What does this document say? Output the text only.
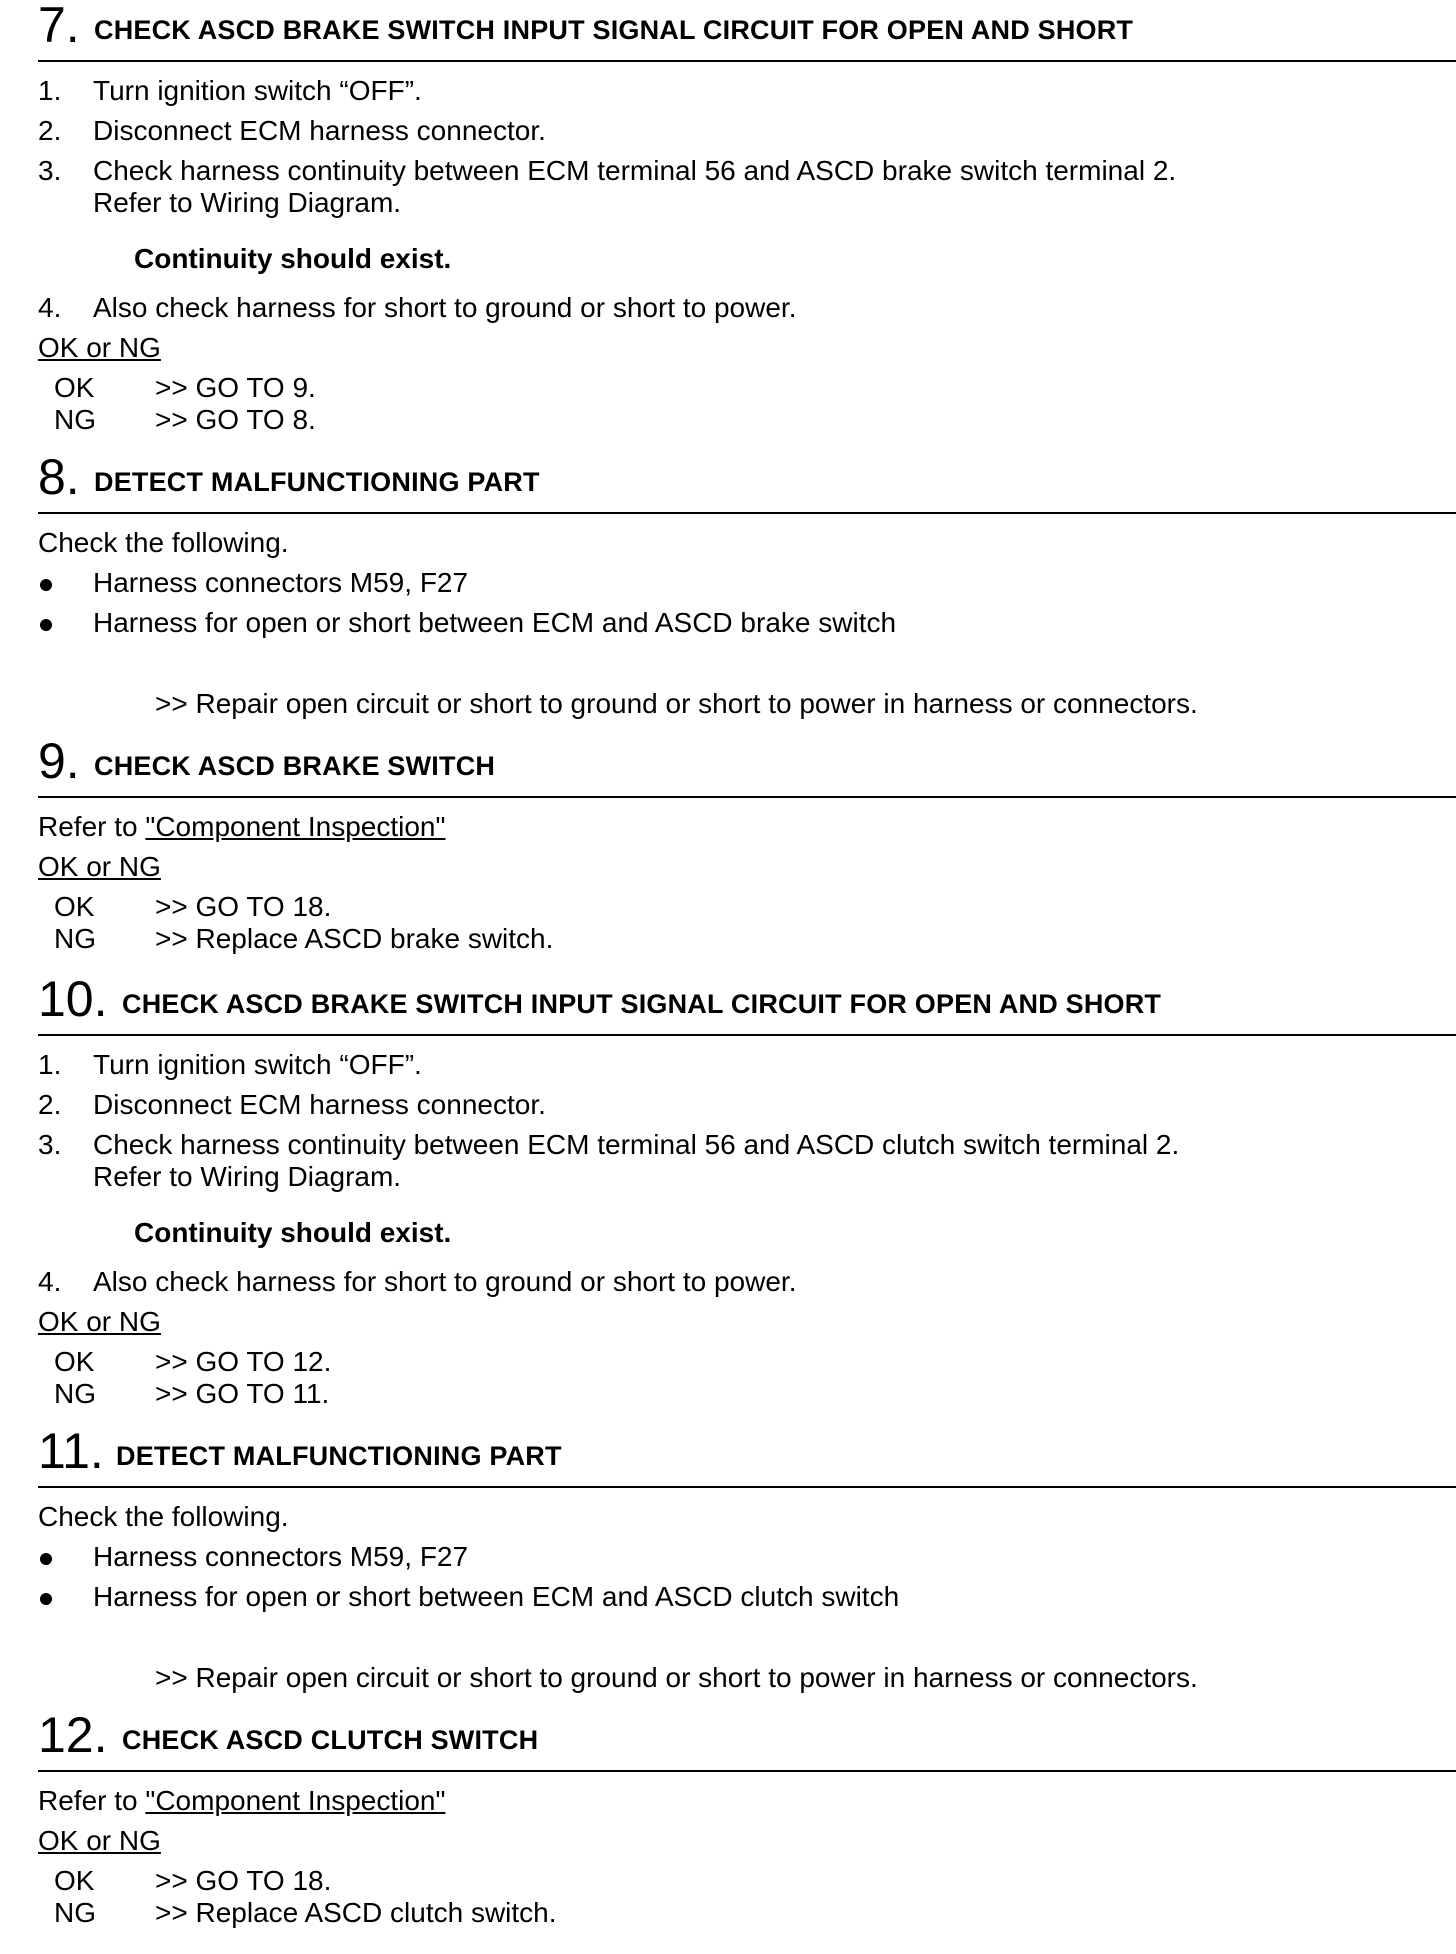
7. CHECK ASCD BRAKE SWITCH INPUT SIGNAL CIRCUIT FOR OPEN AND SHORT
1. Turn ignition switch “OFF”.
2. Disconnect ECM harness connector.
3. Check harness continuity between ECM terminal 56 and ASCD brake switch terminal 2.
Refer to Wiring Diagram.
Continuity should exist.
4. Also check harness for short to ground or short to power.
OK or NG
OK >> GO TO 9.
NG >> GO TO 8.
8. DETECT MALFUNCTIONING PART
Check the following.
Harness connectors M59, F27
Harness for open or short between ECM and ASCD brake switch
>> Repair open circuit or short to ground or short to power in harness or connectors.
9. CHECK ASCD BRAKE SWITCH
Refer to "Component Inspection"
OK or NG
OK >> GO TO 18.
NG >> Replace ASCD brake switch.
10. CHECK ASCD BRAKE SWITCH INPUT SIGNAL CIRCUIT FOR OPEN AND SHORT
1. Turn ignition switch “OFF”.
2. Disconnect ECM harness connector.
3. Check harness continuity between ECM terminal 56 and ASCD clutch switch terminal 2.
Refer to Wiring Diagram.
Continuity should exist.
4. Also check harness for short to ground or short to power.
OK or NG
OK >> GO TO 12.
NG >> GO TO 11.
11. DETECT MALFUNCTIONING PART
Check the following.
Harness connectors M59, F27
Harness for open or short between ECM and ASCD clutch switch
>> Repair open circuit or short to ground or short to power in harness or connectors.
12. CHECK ASCD CLUTCH SWITCH
Refer to "Component Inspection"
OK or NG
OK >> GO TO 18.
NG >> Replace ASCD clutch switch.
